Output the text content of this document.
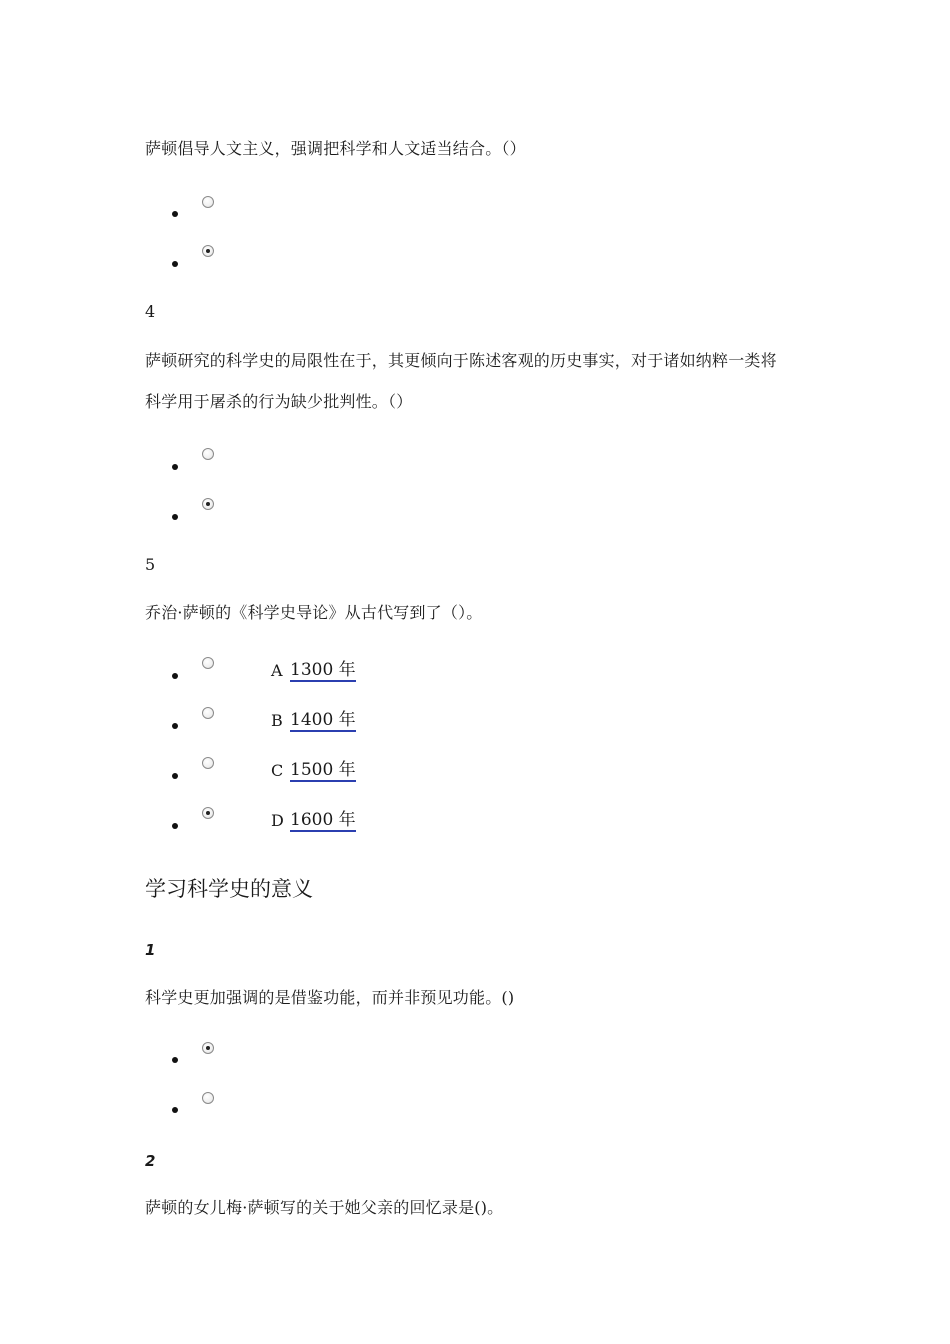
萨顿倡导人文主义，强调把科学和人文适当结合。（）
4
萨顿研究的科学史的局限性在于，其更倾向于陈述客观的历史事实，对于诸如纳粹一类将
科学用于屠杀的行为缺少批判性。（）
5
乔治·萨顿的《科学史导论》从古代写到了（）。
A 1300 年
B 1400 年
C 1500 年
D 1600 年
学习科学史的意义
1
科学史更加强调的是借鉴功能，而并非预见功能。()
2
萨顿的女儿梅·萨顿写的关于她父亲的回忆录是()。
